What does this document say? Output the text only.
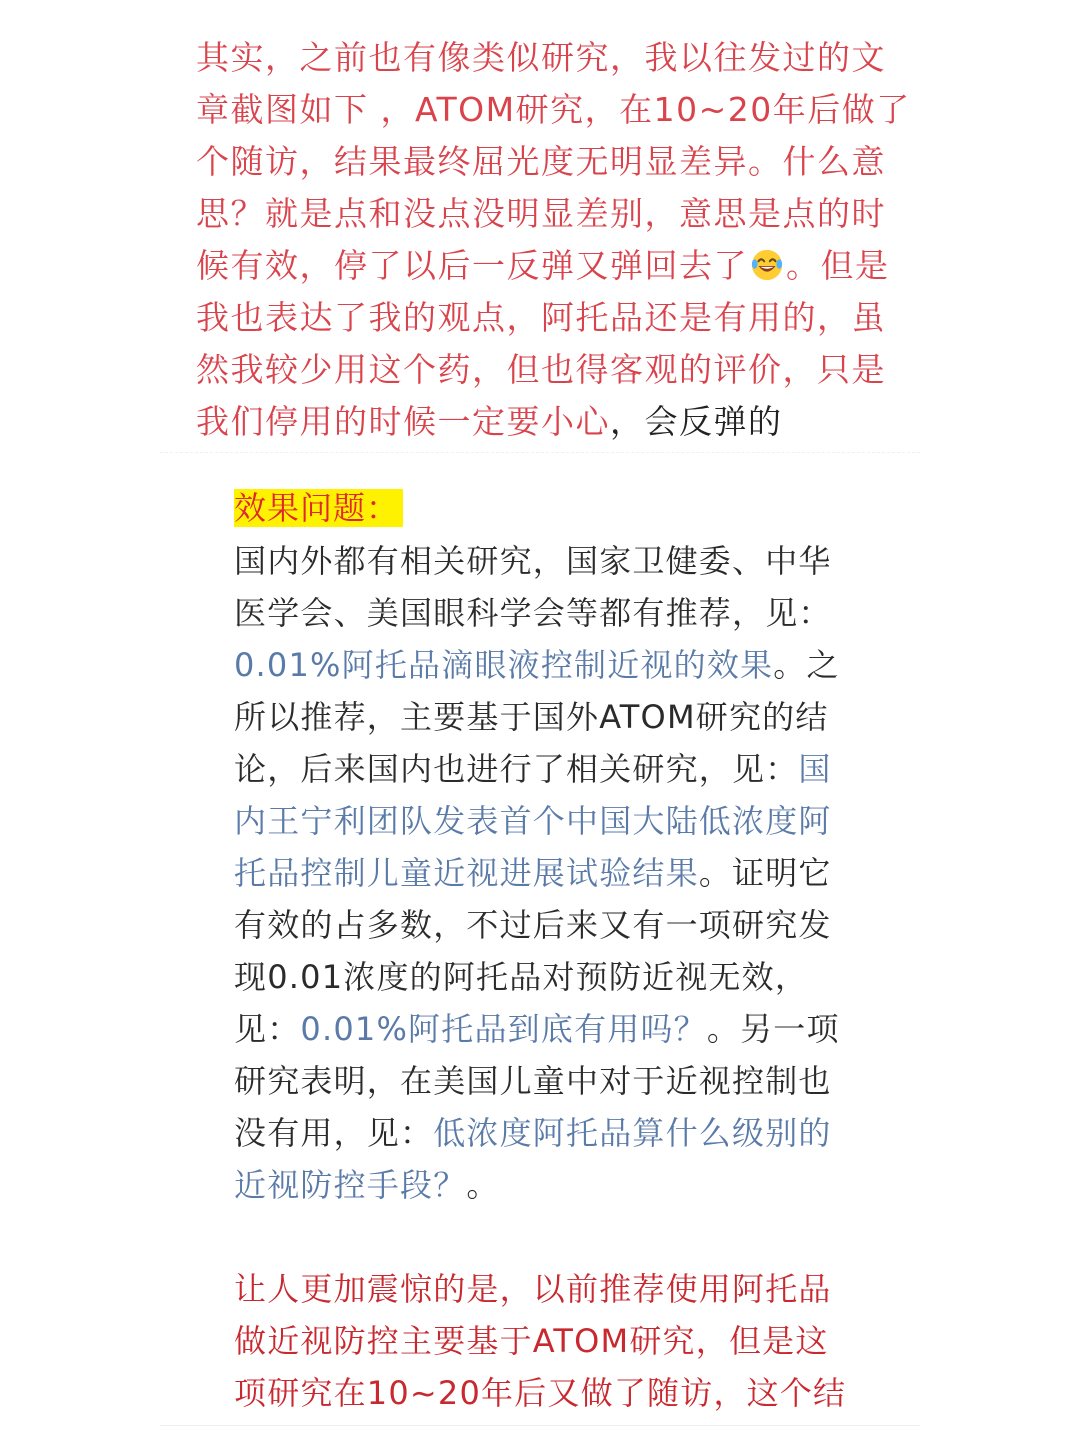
其实，之前也有像类似研究，我以往发过的文
章截图如下 ，ATOM研究，在10~20年后做了
个随访，结果最终屈光度无明显差异。什么意
思？就是点和没点没明显差别，意思是点的时
候有效，停了以后一反弹又弹回去了 。但是
我也表达了我的观点，阿托品还是有用的，虽
然我较少用这个药，但也得客观的评价，只是
我们停用的时候一定要小心，会反弹的
效果问题：
国内外都有相关研究，国家卫健委、中华
医学会、美国眼科学会等都有推荐，见：
0.01%阿托品滴眼液控制近视的效果。之
所以推荐，主要基于国外ATOM研究的结
论，后来国内也进行了相关研究，见：国
内王宁利团队发表首个中国大陆低浓度阿
托品控制儿童近视进展试验结果。证明它
有效的占多数，不过后来又有一项研究发
现0.01浓度的阿托品对预防近视无效，
见：0.01%阿托品到底有用吗？。另一项
研究表明，在美国儿童中对于近视控制也
没有用，见：低浓度阿托品算什么级别的
近视防控手段？。
让人更加震惊的是，以前推荐使用阿托品
做近视防控主要基于ATOM研究，但是这
项研究在10~20年后又做了随访，这个结
